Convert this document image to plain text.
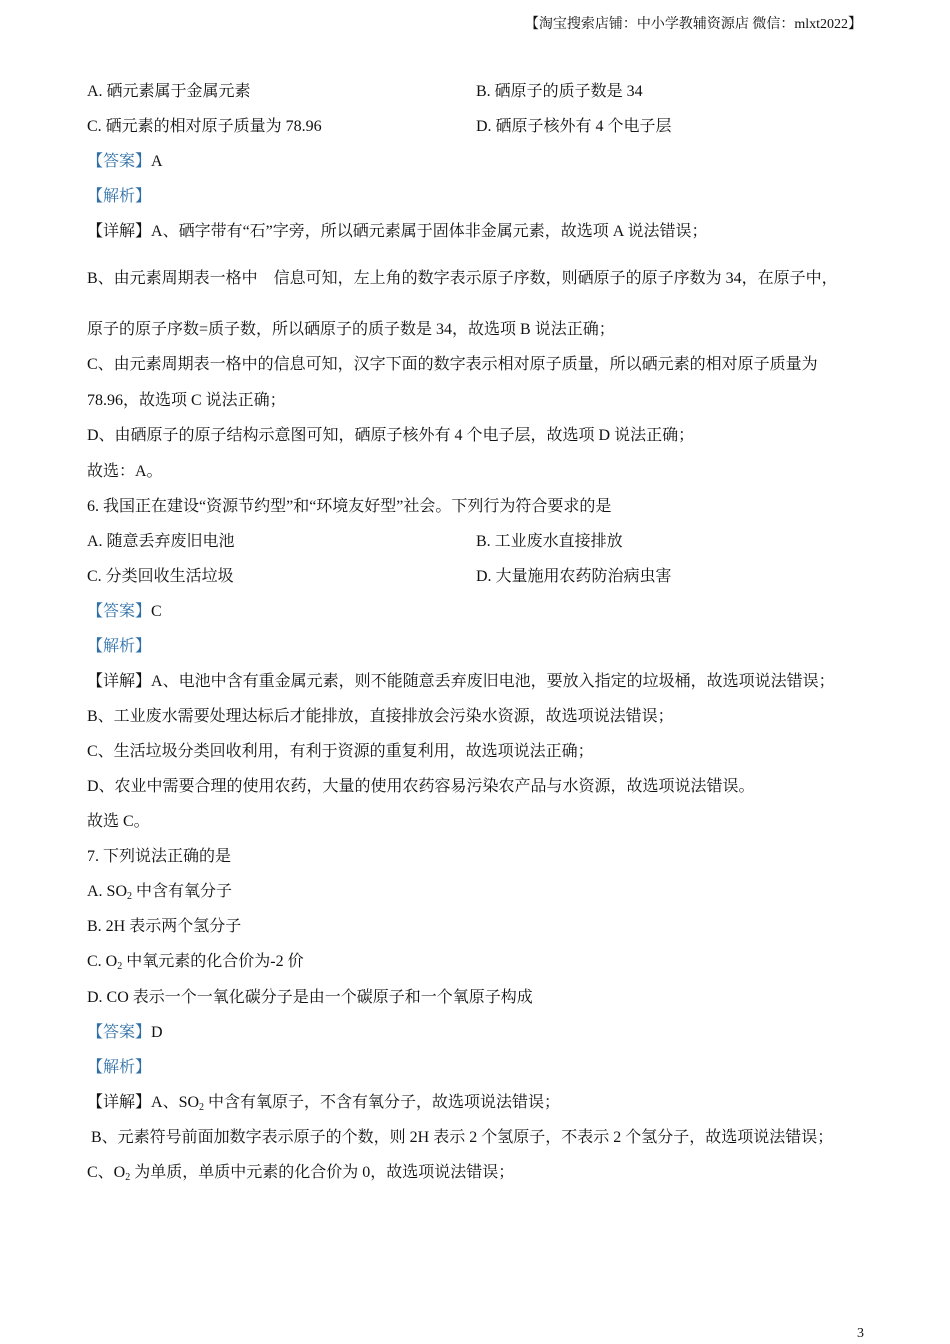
【淘宝搜索店铺：中小学教辅资源店 微信：mlxt2022】
A. 硒元素属于金属元素	B. 硒原子的质子数是 34
C. 硒元素的相对原子质量为 78.96	D. 硒原子核外有 4 个电子层
【答案】A
【解析】
【详解】A、硒字带有“石”字旁，所以硒元素属于固体非金属元素，故选项 A 说法错误；
B、由元素周期表一格中    信息可知，左上角的数字表示原子序数，则硒原子的原子序数为 34，在原子中，
原子的原子序数=质子数，所以硒原子的质子数是 34，故选项 B 说法正确；
C、由元素周期表一格中的信息可知，汉字下面的数字表示相对原子质量，所以硒元素的相对原子质量为
78.96，故选项 C 说法正确；
D、由硒原子的原子结构示意图可知，硒原子核外有 4 个电子层，故选项 D 说法正确；
故选：A。
6. 我国正在建设“资源节约型”和“环境友好型”社会。下列行为符合要求的是
A. 随意丢弃废旧电池	B. 工业废水直接排放
C. 分类回收生活垃圾	D. 大量施用农药防治病虫害
【答案】C
【解析】
【详解】A、电池中含有重金属元素，则不能随意丢弃废旧电池，要放入指定的垃圾桶，故选项说法错误；
B、工业废水需要处理达标后才能排放，直接排放会污染水资源，故选项说法错误；
C、生活垃圾分类回收利用，有利于资源的重复利用，故选项说法正确；
D、农业中需要合理的使用农药，大量的使用农药容易污染农产品与水资源，故选项说法错误。
故选 C。
7. 下列说法正确的是
A. $SO_2$ 中含有氧分子
B. 2H 表示两个氢分子
C. $O_2$ 中氧元素的化合价为-2 价
D. CO 表示一个一氧化碳分子是由一个碳原子和一个氧原子构成
【答案】D
【解析】
【详解】A、$SO_2$ 中含有氧原子，不含有氧分子，故选项说法错误；
B、元素符号前面加数字表示原子的个数，则 2H 表示 2 个氢原子，不表示 2 个氢分子，故选项说法错误；
C、$O_2$ 为单质，单质中元素的化合价为 0，故选项说法错误；
3
